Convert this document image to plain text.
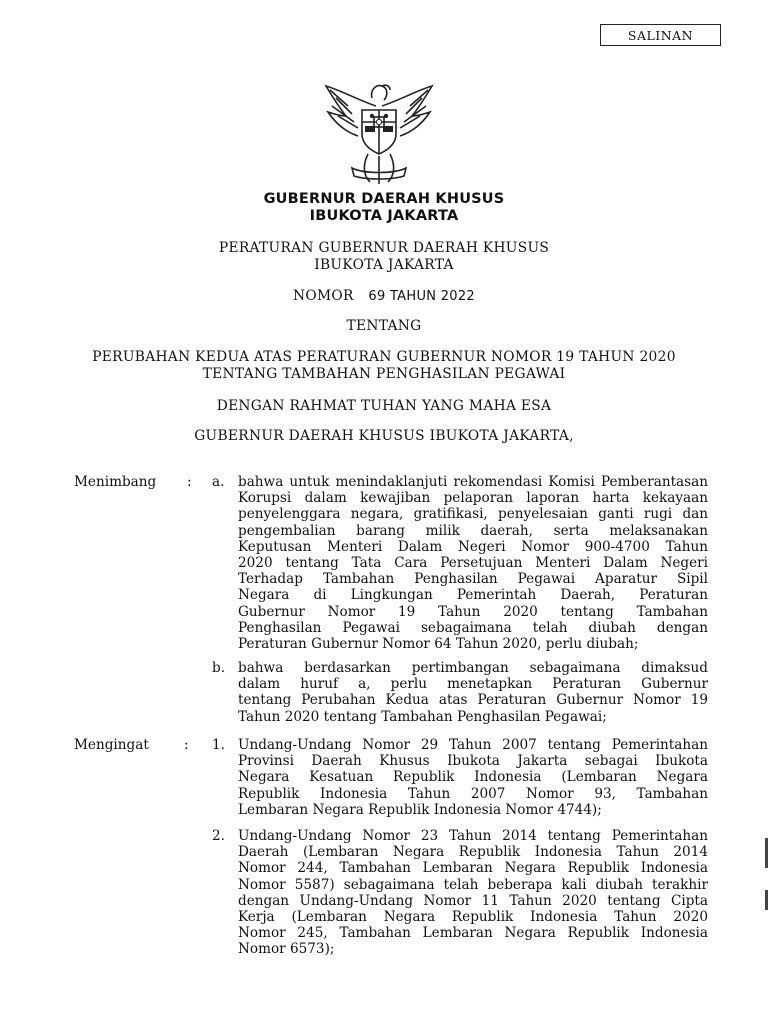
SALINAN
GUBERNUR DAERAH KHUSUS
IBUKOTA JAKARTA
PERATURAN GUBERNUR DAERAH KHUSUS
IBUKOTA JAKARTA
NOMOR 69 TAHUN 2022
TENTANG
PERUBAHAN KEDUA ATAS PERATURAN GUBERNUR NOMOR 19 TAHUN 2020
TENTANG TAMBAHAN PENGHASILAN PEGAWAI
DENGAN RAHMAT TUHAN YANG MAHA ESA
GUBERNUR DAERAH KHUSUS IBUKOTA JAKARTA,
Menimbang : a. bahwa untuk menindaklanjuti rekomendasi Komisi Pemberantasan
Korupsi dalam kewajiban pelaporan laporan harta kekayaan
penyelenggara negara, gratifikasi, penyelesaian ganti rugi dan
pengembalian barang milik daerah, serta melaksanakan
Keputusan Menteri Dalam Negeri Nomor 900-4700 Tahun
2020 tentang Tata Cara Persetujuan Menteri Dalam Negeri
Terhadap Tambahan Penghasilan Pegawai Aparatur Sipil
Negara di Lingkungan Pemerintah Daerah, Peraturan
Gubernur Nomor 19 Tahun 2020 tentang Tambahan
Penghasilan Pegawai sebagaimana telah diubah dengan
Peraturan Gubernur Nomor 64 Tahun 2020, perlu diubah;
b. bahwa berdasarkan pertimbangan sebagaimana dimaksud
dalam huruf a, perlu menetapkan Peraturan Gubernur
tentang Perubahan Kedua atas Peraturan Gubernur Nomor 19
Tahun 2020 tentang Tambahan Penghasilan Pegawai;
Mengingat	: 1. Undang-Undang Nomor 29 Tahun 2007 tentang Pemerintahan
Provinsi Daerah Khusus Ibukota Jakarta sebagai Ibukota
Negara Kesatuan Republik Indonesia (Lembaran Negara
Republik Indonesia Tahun 2007 Nomor 93, Tambahan
Lembaran Negara Republik Indonesia Nomor 4744);
2. Undang-Undang Nomor 23 Tahun 2014 tentang Pemerintahan
Daerah (Lembaran Negara Republik Indonesia Tahun 2014
Nomor 244, Tambahan Lembaran Negara Republik Indonesia
Nomor 5587) sebagaimana telah beberapa kali diubah terakhir
dengan Undang-Undang Nomor 11 Tahun 2020 tentang Cipta
Kerja (Lembaran Negara Republik Indonesia Tahun 2020
Nomor 245, Tambahan Lembaran Negara Republik Indonesia
Nomor 6573);
